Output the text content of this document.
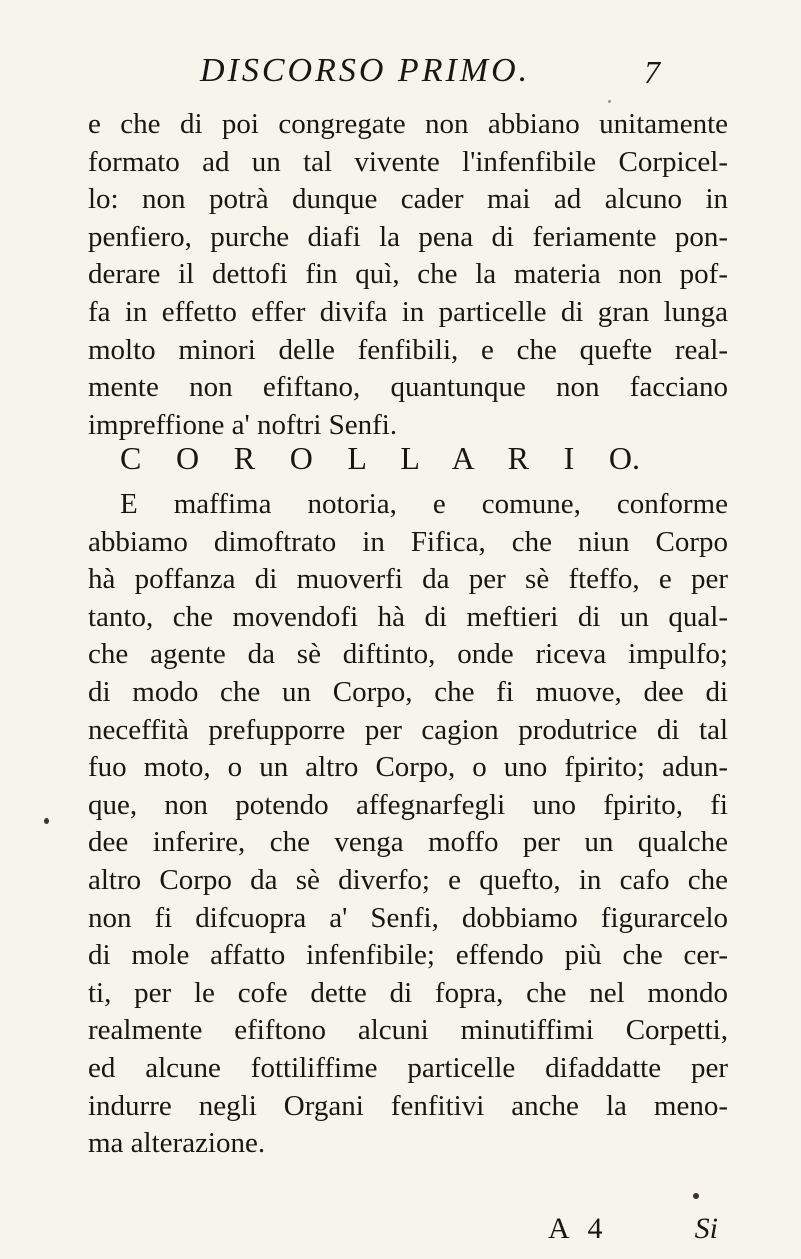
DISCORSO PRIMO.	7
e che di poi congregate non abbiano unitamente
formato ad un tal vivente l'infenfibile Corpicel-
lo: non potrà dunque cader mai ad alcuno in
penfiero, purche diafi la pena di feriamente pon-
derare il dettofi fin quì, che la materia non pof-
fa in effetto effer divifa in particelle di gran lunga
molto minori delle fenfibili, e che quefte real-
mente non efiftano, quantunque non facciano
impreffione a' noftri Senfi.
C O R O L L A R I O.
E maffima notoria, e comune, conforme
abbiamo dimoftrato in Fifica, che niun Corpo
hà poffanza di muoverfi da per sè fteffo, e per
tanto, che movendofi hà di meftieri di un qual-
che agente da sè diftinto, onde riceva impulfo;
di modo che un Corpo, che fi muove, dee di
neceffità prefupporre per cagion produtrice di tal
fuo moto, o un altro Corpo, o uno fpirito; adun-
que, non potendo affegnarfegli uno fpirito, fi
dee inferire, che venga moffo per un qualche
altro Corpo da sè diverfo; e quefto, in cafo che
non fi difcuopra a' Senfi, dobbiamo figurarcelo
di mole affatto infenfibile; effendo più che cer-
ti, per le cofe dette di fopra, che nel mondo
realmente efiftono alcuni minutiffimi Corpetti,
ed alcune fottiliffime particelle difaddatte per
indurre negli Organi fenfitivi anche la meno-
ma alterazione.
A 4	Si
